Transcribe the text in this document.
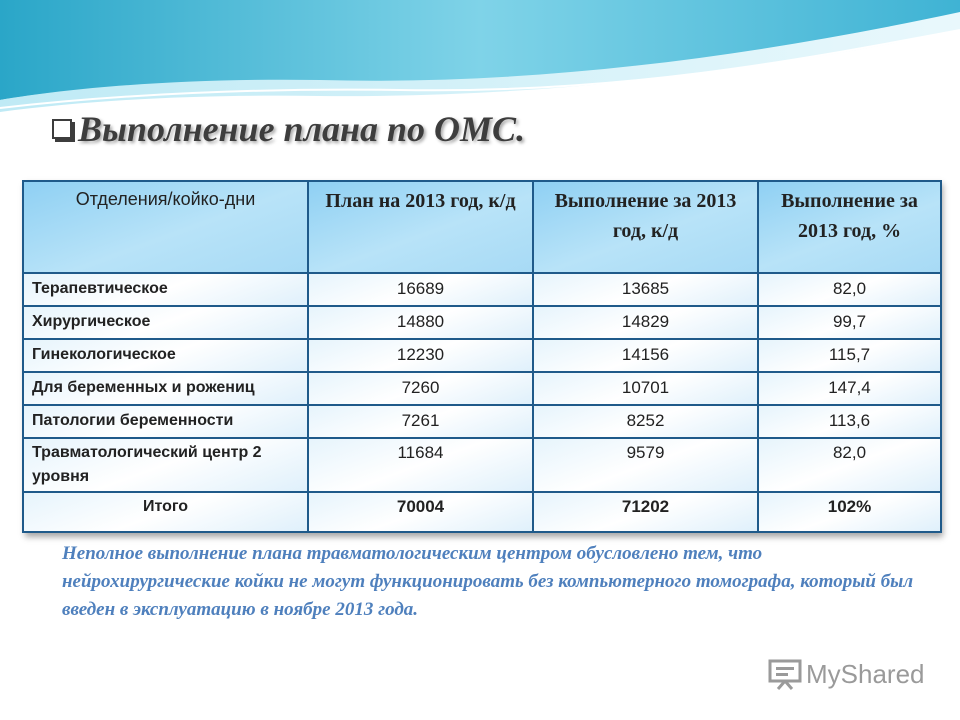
Выполнение плана по ОМС.
Отделения/койко-дни	План на 2013 год, к/д	Выполнение за 2013 год, к/д	Выполнение за 2013 год, %
Терапевтическое	16689	13685	82,0
Хирургическое	14880	14829	99,7
Гинекологическое	12230	14156	115,7
Для беременных и рожениц	7260	10701	147,4
Патологии беременности	7261	8252	113,6
Травматологический центр 2 уровня	11684	9579	82,0
Итого	70004	71202	102%
Неполное выполнение плана травматологическим центром обусловлено тем, что нейрохирургические койки не могут функционировать без компьютерного томографа, который был введен в эксплуатацию в ноябре 2013 года.
MyShared
